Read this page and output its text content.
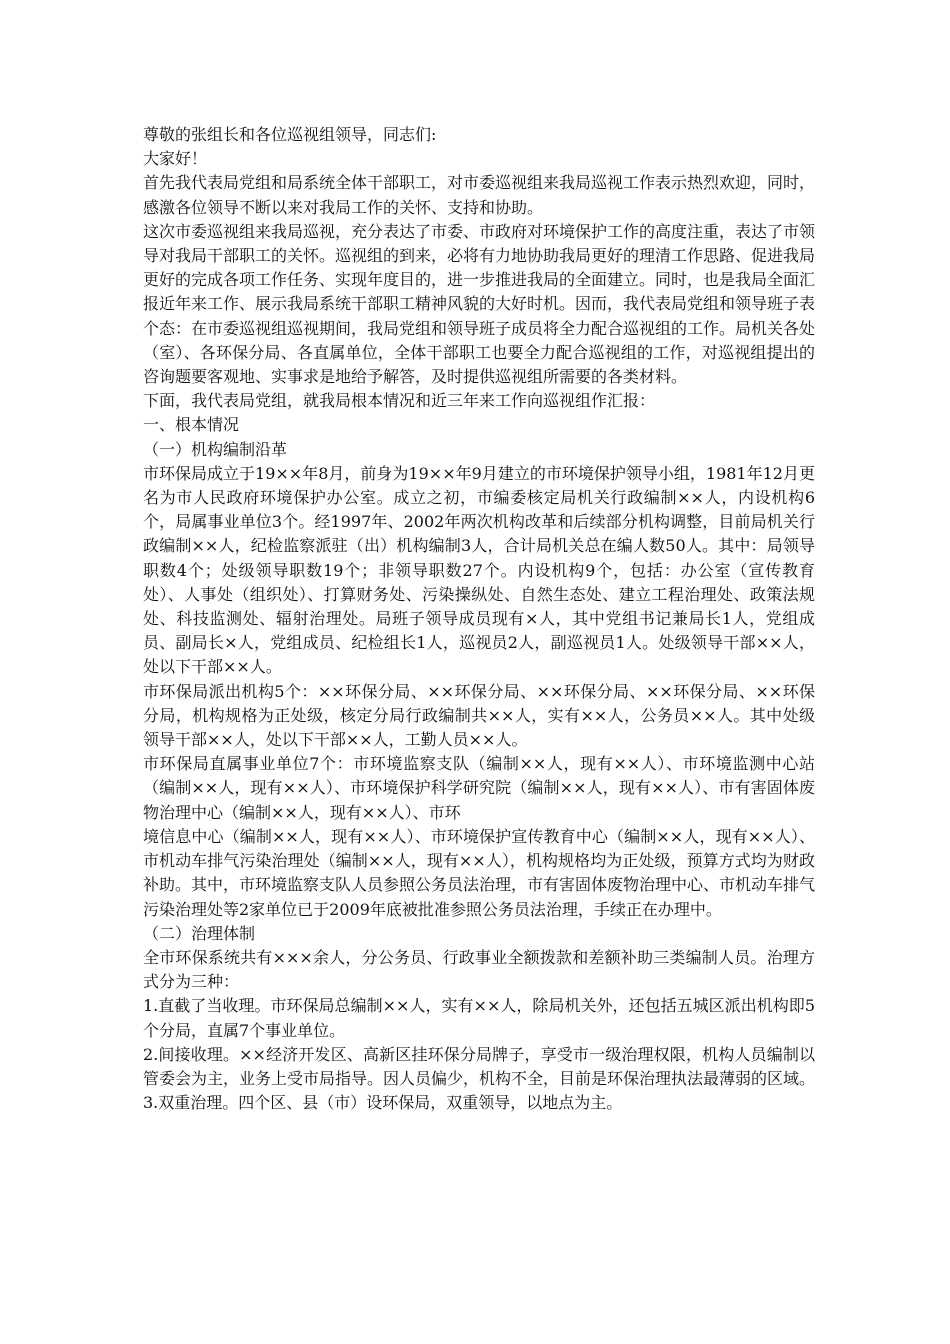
尊敬的张组长和各位巡视组领导，同志们:

大家好！

首先我代表局党组和局系统全体干部职工，对市委巡视组来我局巡视工作表示热烈欢迎，同时，感激各位领导不断以来对我局工作的关怀、支持和协助。

这次市委巡视组来我局巡视，充分表达了市委、市政府对环境保护工作的高度注重，表达了市领导对我局干部职工的关怀。巡视组的到来，必将有力地协助我局更好的理清工作思路、促进我局更好的完成各项工作任务、实现年度目的，进一步推进我局的全面建立。同时，也是我局全面汇报近年来工作、展示我局系统干部职工精神风貌的大好时机。因而，我代表局党组和领导班子表个态：在市委巡视组巡视期间，我局党组和领导班子成员将全力配合巡视组的工作。局机关各处（室）、各环保分局、各直属单位，全体干部职工也要全力配合巡视组的工作，对巡视组提出的咨询题要客观地、实事求是地给予解答，及时提供巡视组所需要的各类材料。

下面，我代表局党组，就我局根本情况和近三年来工作向巡视组作汇报：

一、根本情况

（一）机构编制沿革

市环保局成立于19××年8月，前身为19××年9月建立的市环境保护领导小组，1981年12月更名为市人民政府环境保护办公室。成立之初，市编委核定局机关行政编制××人，内设机构6个，局属事业单位3个。经1997年、2002年两次机构改革和后续部分机构调整，目前局机关行政编制××人，纪检监察派驻（出）机构编制3人，合计局机关总在编人数50人。其中：局领导职数4个；处级领导职数19个；非领导职数27个。内设机构9个，包括：办公室（宣传教育处）、人事处（组织处）、打算财务处、污染操纵处、自然生态处、建立工程治理处、政策法规处、科技监测处、辐射治理处。局班子领导成员现有×人，其中党组书记兼局长1人，党组成员、副局长×人，党组成员、纪检组长1人，巡视员2人，副巡视员1人。处级领导干部××人，处以下干部××人。

市环保局派出机构5个：××环保分局、××环保分局、××环保分局、××环保分局、××环保分局，机构规格为正处级，核定分局行政编制共××人，实有××人，公务员××人。其中处级领导干部××人，处以下干部××人，工勤人员××人。

市环保局直属事业单位7个：市环境监察支队（编制××人，现有××人）、市环境监测中心站（编制××人，现有××人）、市环境保护科学研究院（编制××人，现有××人）、市有害固体废物治理中心（编制××人，现有××人）、市环

境信息中心（编制××人，现有××人）、市环境保护宣传教育中心（编制××人，现有××人）、市机动车排气污染治理处（编制××人，现有××人），机构规格均为正处级，预算方式均为财政补助。其中，市环境监察支队人员参照公务员法治理，市有害固体废物治理中心、市机动车排气污染治理处等2家单位已于2009年底被批准参照公务员法治理，手续正在办理中。

（二）治理体制

全市环保系统共有×××余人，分公务员、行政事业全额拨款和差额补助三类编制人员。治理方式分为三种：

1.直截了当收理。市环保局总编制××人，实有××人，除局机关外，还包括五城区派出机构即5个分局，直属7个事业单位。

2.间接收理。××经济开发区、高新区挂环保分局牌子，享受市一级治理权限，机构人员编制以管委会为主，业务上受市局指导。因人员偏少，机构不全，目前是环保治理执法最薄弱的区域。

3.双重治理。四个区、县（市）设环保局，双重领导，以地点为主。
